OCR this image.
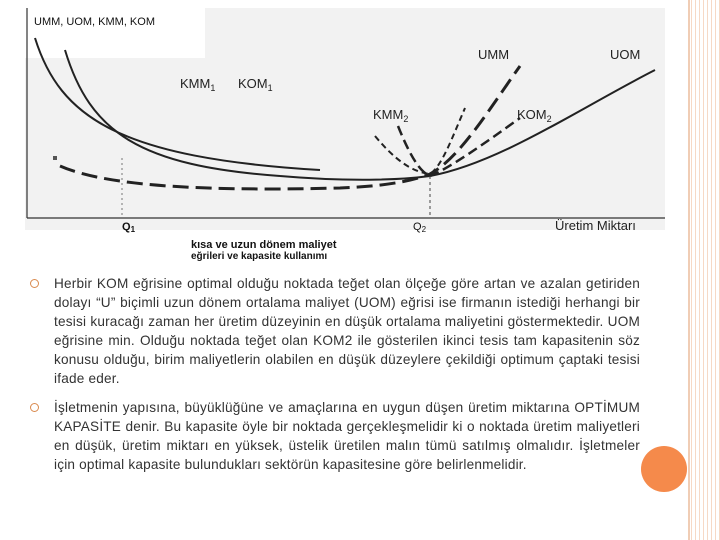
UMM, UOM, KMM, KOM
$KMM_1$ $KOM_1$
UMM	UOM
$KMM_2$	$KOM_2$
Q1	Q2	Üretim Miktarı
kısa ve uzun dönem maliyet
eğrileri ve kapasite kullanımı
Herbir KOM eğrisine optimal olduğu noktada teğet olan ölçeğe göre artan ve azalan getiriden dolayı “U” biçimli uzun dönem ortalama maliyet (UOM) eğrisi ise firmanın istediği herhangi bir tesisi kuracağı zaman her üretim düzeyinin en düşük ortalama maliyetini göstermektedir. UOM eğrisine min. Olduğu noktada teğet olan KOM2 ile gösterilen ikinci tesis tam kapasitenin söz konusu olduğu, birim maliyetlerin olabilen en düşük düzeylere çekildiği optimum çaptaki tesisi ifade eder.
İşletmenin yapısına, büyüklüğüne ve amaçlarına en uygun düşen üretim miktarına OPTİMUM KAPASİTE denir. Bu kapasite öyle bir noktada gerçekleşmelidir ki o noktada üretim maliyetleri en düşük, üretim miktarı en yüksek, üstelik üretilen malın tümü satılmış olmalıdır. İşletmeler için optimal kapasite bulundukları sektörün kapasitesine göre belirlenmelidir.
